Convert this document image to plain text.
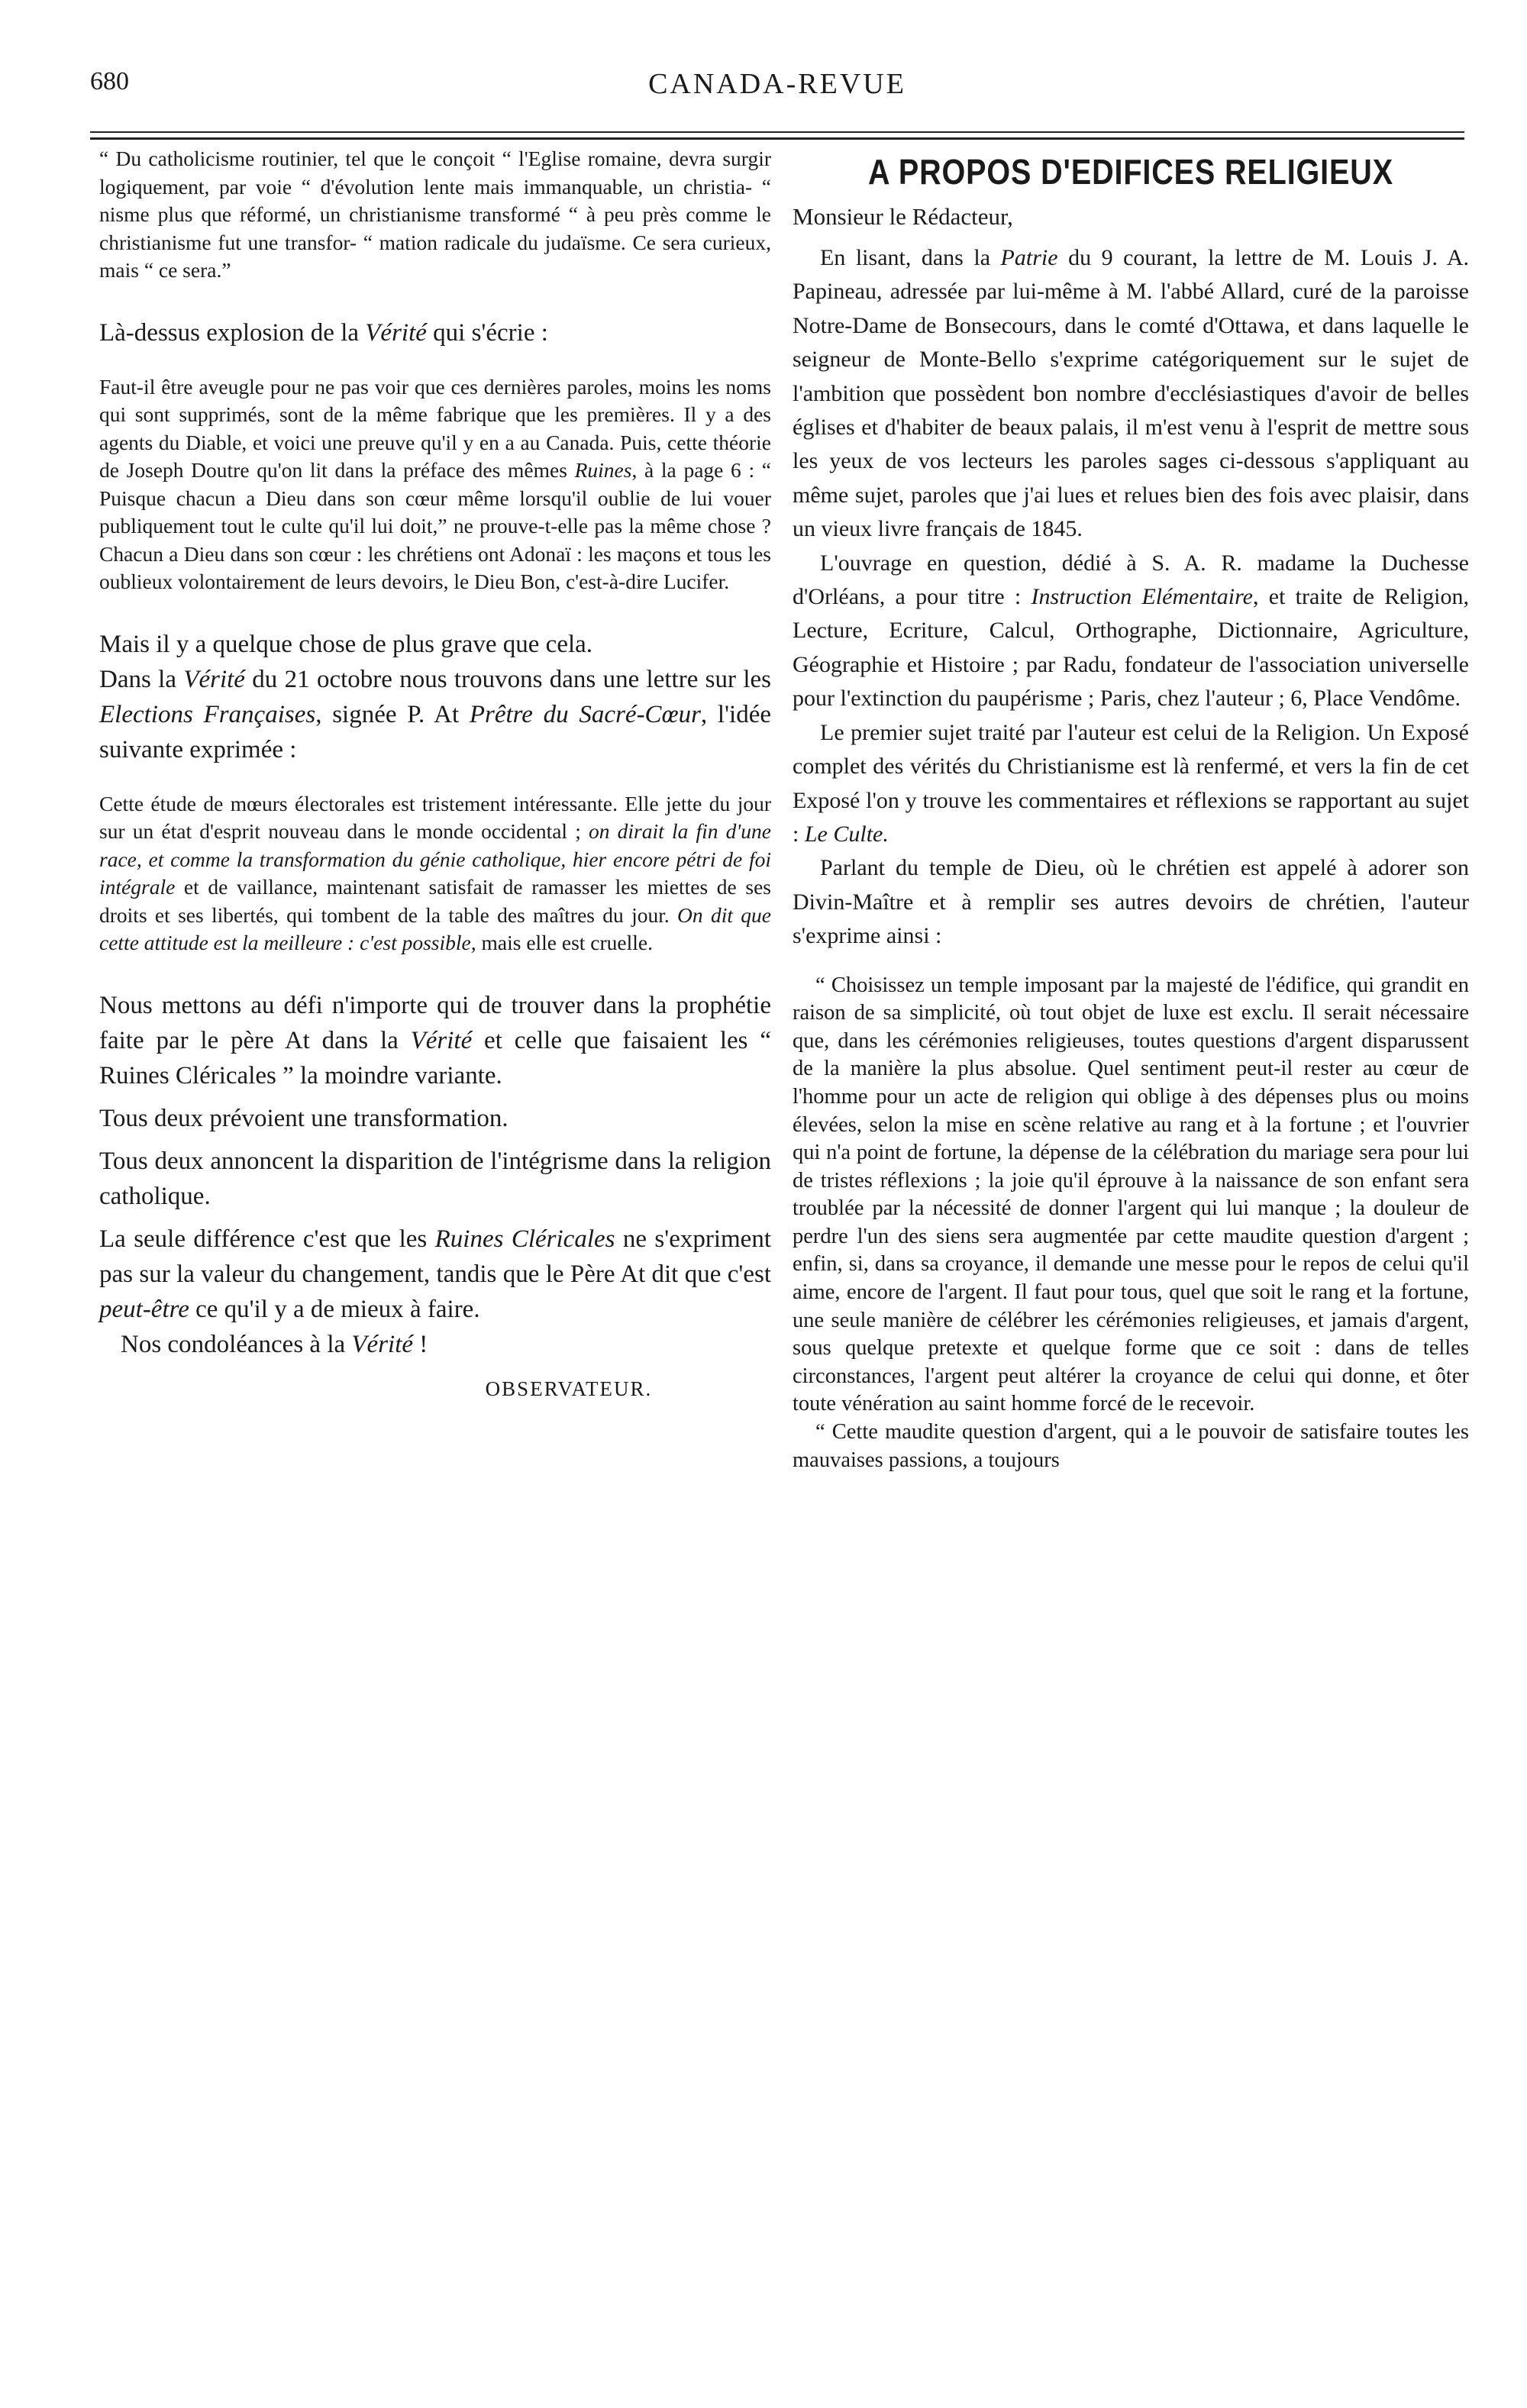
680	CANADA-REVUE

“ Du catholicisme routinier, tel que le conçoit “ l'Eglise romaine, devra surgir logiquement, par voie “ d'évolution lente mais immanquable, un christia- “ nisme plus que réformé, un christianisme transformé “ à peu près comme le christianisme fut une transfor- “ mation radicale du judaïsme. Ce sera curieux, mais “ ce sera.”

Là-dessus explosion de la Vérité qui s'écrie :

Faut-il être aveugle pour ne pas voir que ces dernières paroles, moins les noms qui sont supprimés, sont de la même fabrique que les premières. Il y a des agents du Diable, et voici une preuve qu'il y en a au Canada. Puis, cette théorie de Joseph Doutre qu'on lit dans la préface des mêmes Ruines, à la page 6 : “ Puisque chacun a Dieu dans son cœur même lorsqu'il oublie de lui vouer publiquement tout le culte qu'il lui doit,” ne prouve-t-elle pas la même chose ? Chacun a Dieu dans son cœur : les chrétiens ont Adonaï : les maçons et tous les oublieux volontairement de leurs devoirs, le Dieu Bon, c'est-à-dire Lucifer.

Mais il y a quelque chose de plus grave que cela.

Dans la Vérité du 21 octobre nous trouvons dans une lettre sur les Elections Françaises, signée P. At Prêtre du Sacré-Cœur, l'idée suivante exprimée :

Cette étude de mœurs électorales est tristement intéressante. Elle jette du jour sur un état d'esprit nouveau dans le monde occidental ; on dirait la fin d'une race, et comme la transformation du génie catholique, hier encore pétri de foi intégrale et de vaillance, maintenant satisfait de ramasser les miettes de ses droits et ses libertés, qui tombent de la table des maîtres du jour. On dit que cette attitude est la meilleure : c'est possible, mais elle est cruelle.

Nous mettons au défi n'importe qui de trouver dans la prophétie faite par le père At dans la Vérité et celle que faisaient les “ Ruines Cléricales ” la moindre variante.

Tous deux prévoient une transformation.

Tous deux annoncent la disparition de l'intégrisme dans la religion catholique.

La seule différence c'est que les Ruines Cléricales ne s'expriment pas sur la valeur du changement, tandis que le Père At dit que c'est peut-être ce qu'il y a de mieux à faire.

Nos condoléances à la Vérité !

OBSERVATEUR.

A PROPOS D'EDIFICES RELIGIEUX

Monsieur le Rédacteur,

En lisant, dans la Patrie du 9 courant, la lettre de M. Louis J. A. Papineau, adressée par lui-même à M. l'abbé Allard, curé de la paroisse Notre-Dame de Bonsecours, dans le comté d'Ottawa, et dans laquelle le seigneur de Monte-Bello s'exprime catégoriquement sur le sujet de l'ambition que possèdent bon nombre d'ecclésiastiques d'avoir de belles églises et d'habiter de beaux palais, il m'est venu à l'esprit de mettre sous les yeux de vos lecteurs les paroles sages ci-dessous s'appliquant au même sujet, paroles que j'ai lues et relues bien des fois avec plaisir, dans un vieux livre français de 1845.

L'ouvrage en question, dédié à S. A. R. madame la Duchesse d'Orléans, a pour titre : Instruction Elémentaire, et traite de Religion, Lecture, Ecriture, Calcul, Orthographe, Dictionnaire, Agriculture, Géographie et Histoire ; par Radu, fondateur de l'association universelle pour l'extinction du paupérisme ; Paris, chez l'auteur ; 6, Place Vendôme.

Le premier sujet traité par l'auteur est celui de la Religion. Un Exposé complet des vérités du Christianisme est là renfermé, et vers la fin de cet Exposé l'on y trouve les commentaires et réflexions se rapportant au sujet : Le Culte.

Parlant du temple de Dieu, où le chrétien est appelé à adorer son Divin-Maître et à remplir ses autres devoirs de chrétien, l'auteur s'exprime ainsi :

“ Choisissez un temple imposant par la majesté de l'édifice, qui grandit en raison de sa simplicité, où tout objet de luxe est exclu. Il serait nécessaire que, dans les cérémonies religieuses, toutes questions d'argent disparussent de la manière la plus absolue. Quel sentiment peut-il rester au cœur de l'homme pour un acte de religion qui oblige à des dépenses plus ou moins élevées, selon la mise en scène relative au rang et à la fortune ; et l'ouvrier qui n'a point de fortune, la dépense de la célébration du mariage sera pour lui de tristes réflexions ; la joie qu'il éprouve à la naissance de son enfant sera troublée par la nécessité de donner l'argent qui lui manque ; la douleur de perdre l'un des siens sera augmentée par cette maudite question d'argent ; enfin, si, dans sa croyance, il demande une messe pour le repos de celui qu'il aime, encore de l'argent. Il faut pour tous, quel que soit le rang et la fortune, une seule manière de célébrer les cérémonies religieuses, et jamais d'argent, sous quelque pretexte et quelque forme que ce soit : dans de telles circonstances, l'argent peut altérer la croyance de celui qui donne, et ôter toute vénération au saint homme forcé de le recevoir.

“ Cette maudite question d'argent, qui a le pouvoir de satisfaire toutes les mauvaises passions, a toujours
